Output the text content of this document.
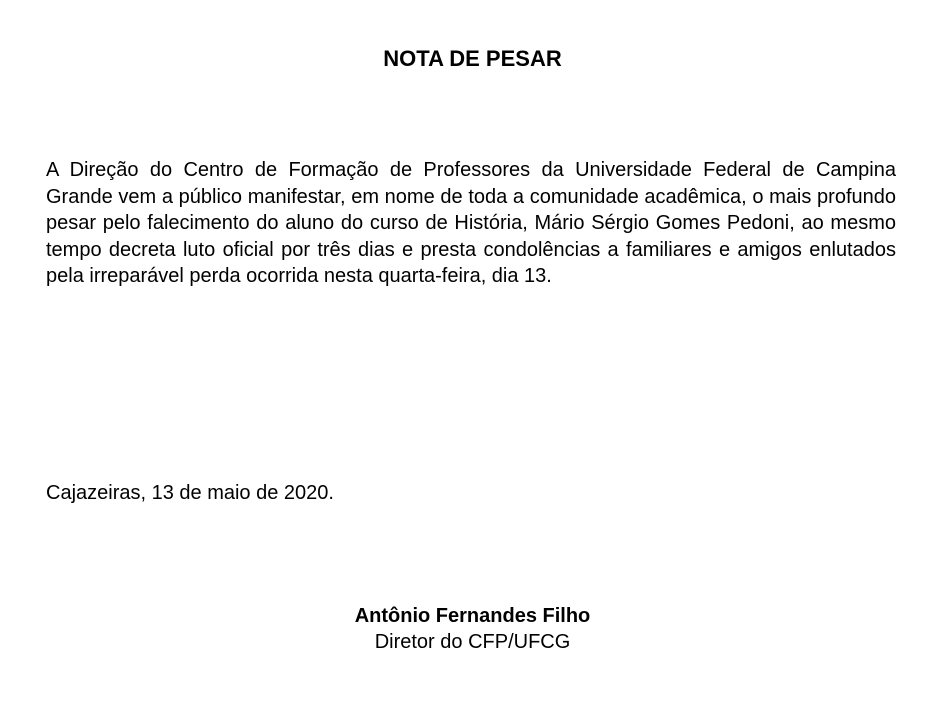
NOTA DE PESAR

A Direção do Centro de Formação de Professores da Universidade Federal de Campina Grande vem a público manifestar, em nome de toda a comunidade acadêmica, o mais profundo pesar pelo falecimento do aluno do curso de História, Mário Sérgio Gomes Pedoni, ao mesmo tempo decreta luto oficial por três dias e presta condolências a familiares e amigos enlutados pela irreparável perda ocorrida nesta quarta-feira, dia 13.

Cajazeiras, 13 de maio de 2020.

Antônio Fernandes Filho
Diretor do CFP/UFCG
